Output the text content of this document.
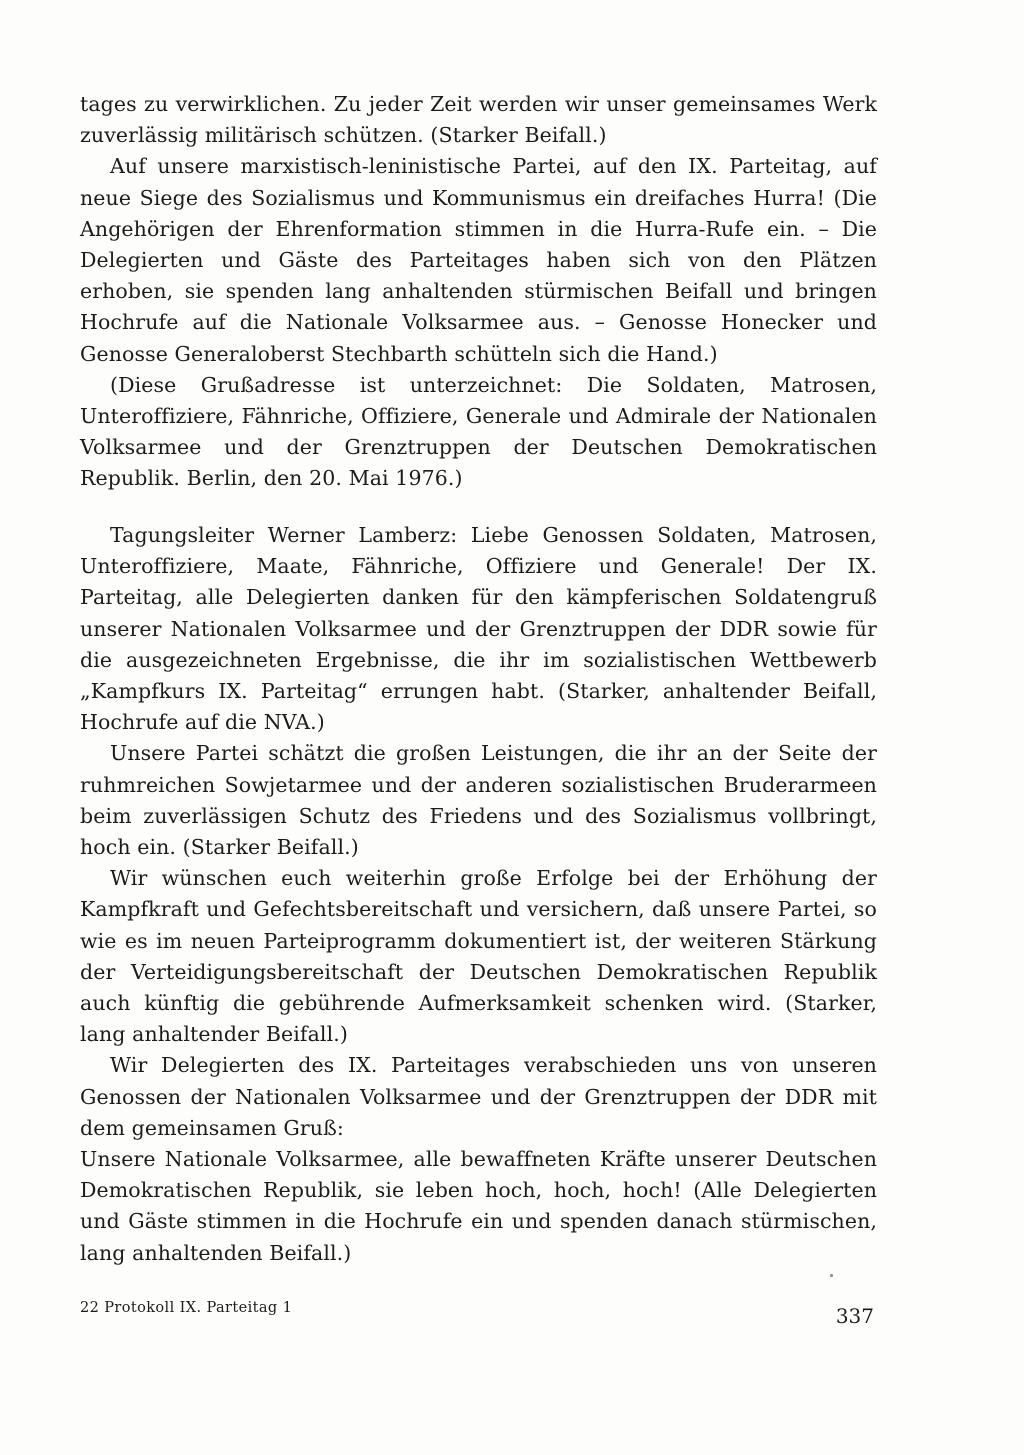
tages zu verwirklichen. Zu jeder Zeit werden wir unser gemeinsames Werk zuverlässig militärisch schützen. (Starker Beifall.)

Auf unsere marxistisch-leninistische Partei, auf den IX. Parteitag, auf neue Siege des Sozialismus und Kommunismus ein dreifaches Hurra! (Die Angehörigen der Ehrenformation stimmen in die Hurra-Rufe ein. – Die Delegierten und Gäste des Parteitages haben sich von den Plätzen erhoben, sie spenden lang anhaltenden stürmischen Beifall und bringen Hochrufe auf die Nationale Volksarmee aus. – Genosse Honecker und Genosse Generaloberst Stechbarth schütteln sich die Hand.)

(Diese Grußadresse ist unterzeichnet: Die Soldaten, Matrosen, Unteroffiziere, Fähnriche, Offiziere, Generale und Admirale der Nationalen Volksarmee und der Grenztruppen der Deutschen Demokratischen Republik. Berlin, den 20. Mai 1976.)

Tagungsleiter Werner Lamberz: Liebe Genossen Soldaten, Matrosen, Unteroffiziere, Maate, Fähnriche, Offiziere und Generale! Der IX. Parteitag, alle Delegierten danken für den kämpferischen Soldatengruß unserer Nationalen Volksarmee und der Grenztruppen der DDR sowie für die ausgezeichneten Ergebnisse, die ihr im sozialistischen Wettbewerb „Kampfkurs IX. Parteitag“ errungen habt. (Starker, anhaltender Beifall, Hochrufe auf die NVA.)

Unsere Partei schätzt die großen Leistungen, die ihr an der Seite der ruhmreichen Sowjetarmee und der anderen sozialistischen Bruderarmeen beim zuverlässigen Schutz des Friedens und des Sozialismus vollbringt, hoch ein. (Starker Beifall.)

Wir wünschen euch weiterhin große Erfolge bei der Erhöhung der Kampfkraft und Gefechtsbereitschaft und versichern, daß unsere Partei, so wie es im neuen Parteiprogramm dokumentiert ist, der weiteren Stärkung der Verteidigungsbereitschaft der Deutschen Demokratischen Republik auch künftig die gebührende Aufmerksamkeit schenken wird. (Starker, lang anhaltender Beifall.)

Wir Delegierten des IX. Parteitages verabschieden uns von unseren Genossen der Nationalen Volksarmee und der Grenztruppen der DDR mit dem gemeinsamen Gruß:

Unsere Nationale Volksarmee, alle bewaffneten Kräfte unserer Deutschen Demokratischen Republik, sie leben hoch, hoch, hoch! (Alle Delegierten und Gäste stimmen in die Hochrufe ein und spenden danach stürmischen, lang anhaltenden Beifall.)

22 Protokoll IX. Parteitag 1	337
